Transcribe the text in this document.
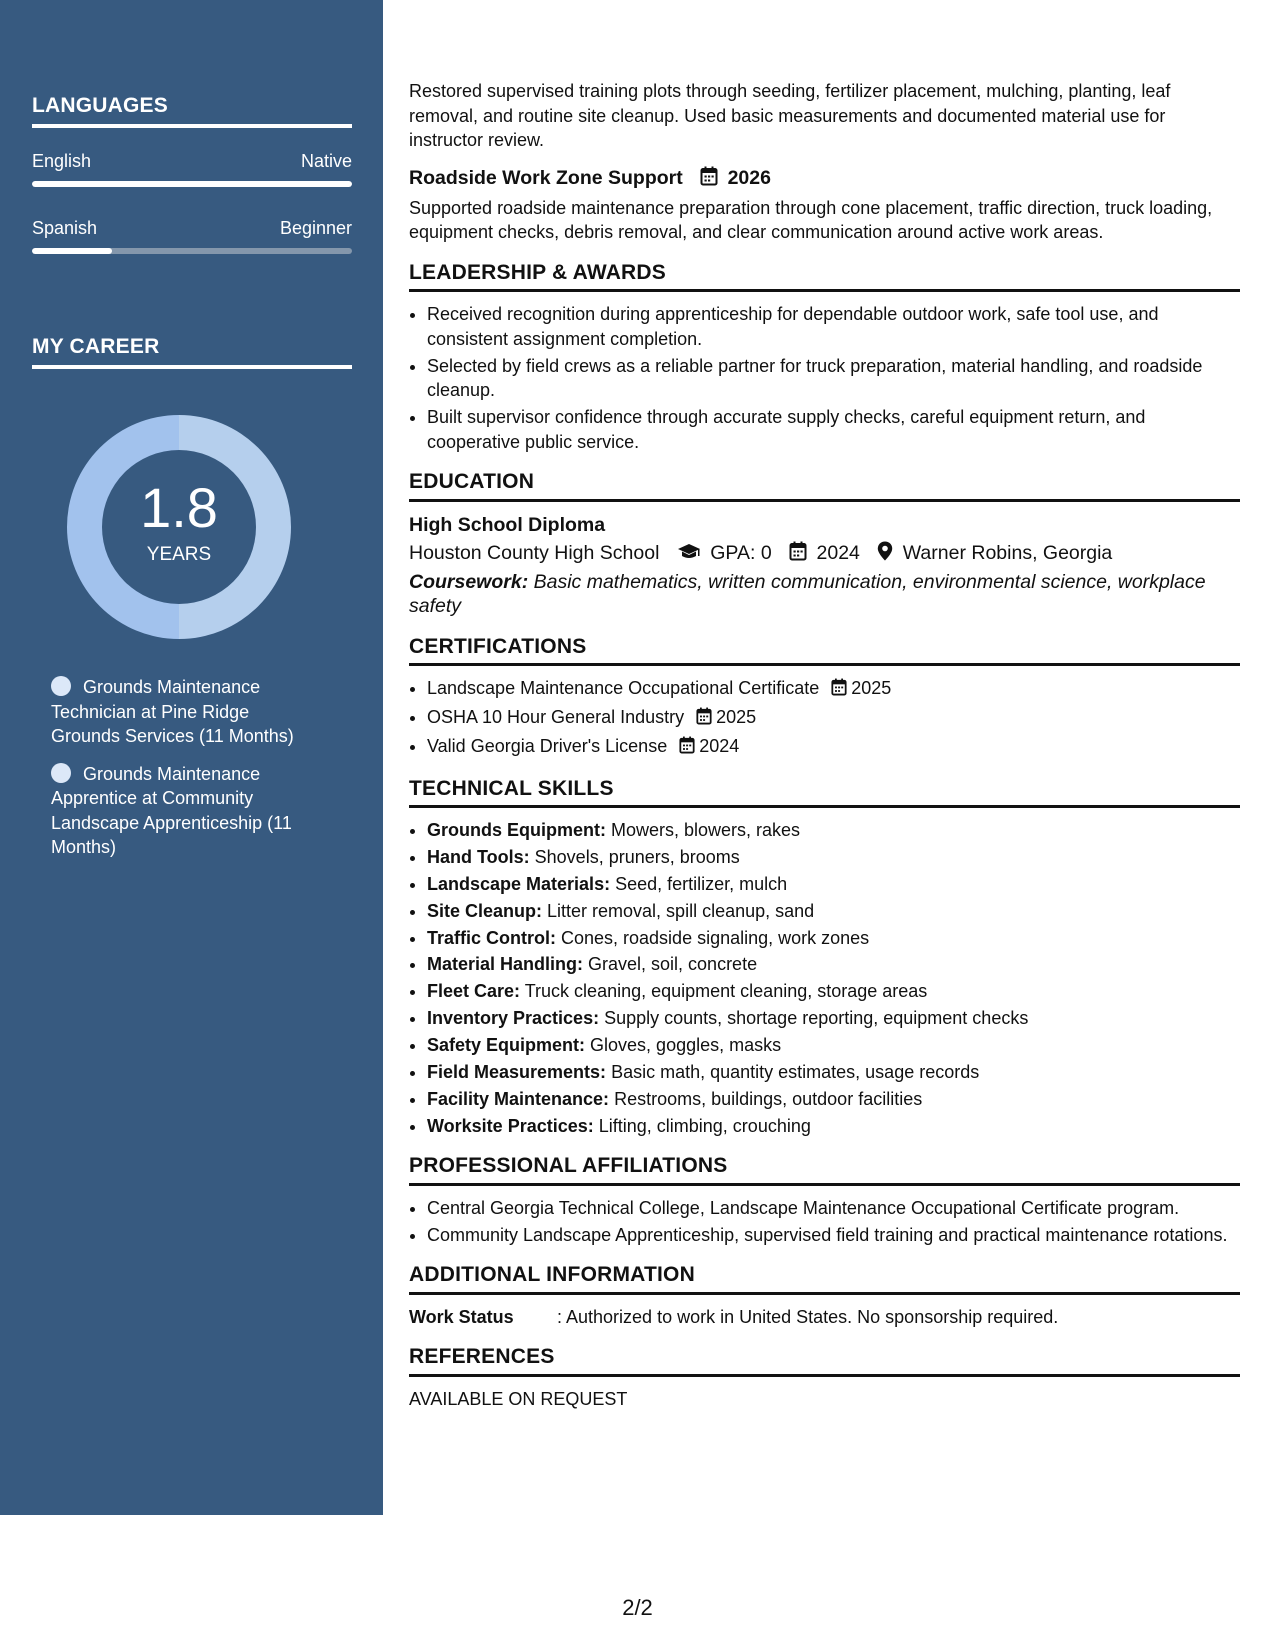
LANGUAGES
English	Native
Spanish	Beginner
MY CAREER
1.8
YEARS
Grounds Maintenance Technician at Pine Ridge Grounds Services (11 Months)
Grounds Maintenance Apprentice at Community Landscape Apprenticeship (11 Months)

Restored supervised training plots through seeding, fertilizer placement, mulching, planting, leaf removal, and routine site cleanup. Used basic measurements and documented material use for instructor review.

Roadside Work Zone Support 2026

Supported roadside maintenance preparation through cone placement, traffic direction, truck loading, equipment checks, debris removal, and clear communication around active work areas.

LEADERSHIP & AWARDS
• Received recognition during apprenticeship for dependable outdoor work, safe tool use, and consistent assignment completion.
• Selected by field crews as a reliable partner for truck preparation, material handling, and roadside cleanup.
• Built supervisor confidence through accurate supply checks, careful equipment return, and cooperative public service.
EDUCATION
High School Diploma
Houston County High School	GPA: 0 2024 Warner Robins, Georgia
Coursework: Basic mathematics, written communication, environmental science, workplace safety
CERTIFICATIONS
• Landscape Maintenance Occupational Certificate 2025
• OSHA 10 Hour General Industry 2025
• Valid Georgia Driver's License 2024
TECHNICAL SKILLS
• Grounds Equipment: Mowers, blowers, rakes
• Hand Tools: Shovels, pruners, brooms
• Landscape Materials: Seed, fertilizer, mulch
• Site Cleanup: Litter removal, spill cleanup, sand
• Traffic Control: Cones, roadside signaling, work zones
• Material Handling: Gravel, soil, concrete
• Fleet Care: Truck cleaning, equipment cleaning, storage areas
• Inventory Practices: Supply counts, shortage reporting, equipment checks
• Safety Equipment: Gloves, goggles, masks
• Field Measurements: Basic math, quantity estimates, usage records
• Facility Maintenance: Restrooms, buildings, outdoor facilities
• Worksite Practices: Lifting, climbing, crouching
PROFESSIONAL AFFILIATIONS
• Central Georgia Technical College, Landscape Maintenance Occupational Certificate program.
• Community Landscape Apprenticeship, supervised field training and practical maintenance rotations.
ADDITIONAL INFORMATION
Work Status	: Authorized to work in United States. No sponsorship required.
REFERENCES
AVAILABLE ON REQUEST
2/2
